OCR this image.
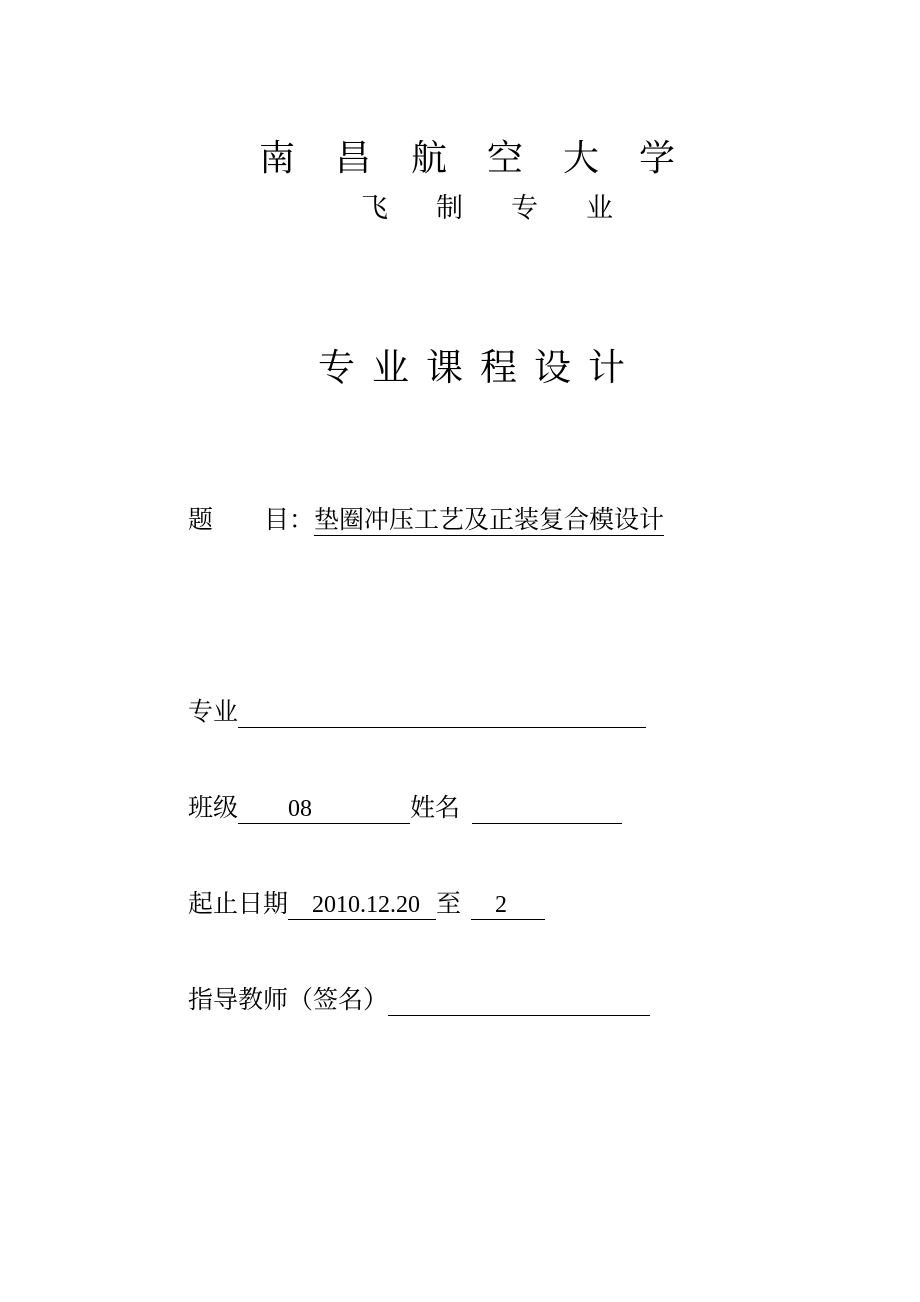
南昌航空大学
飞制专业
专业课程设计
题 目：垫圈冲压工艺及正装复合模设计
专业
班级	08	姓名
起止日期	2010.12.20 至	2
指导教师（签名）
